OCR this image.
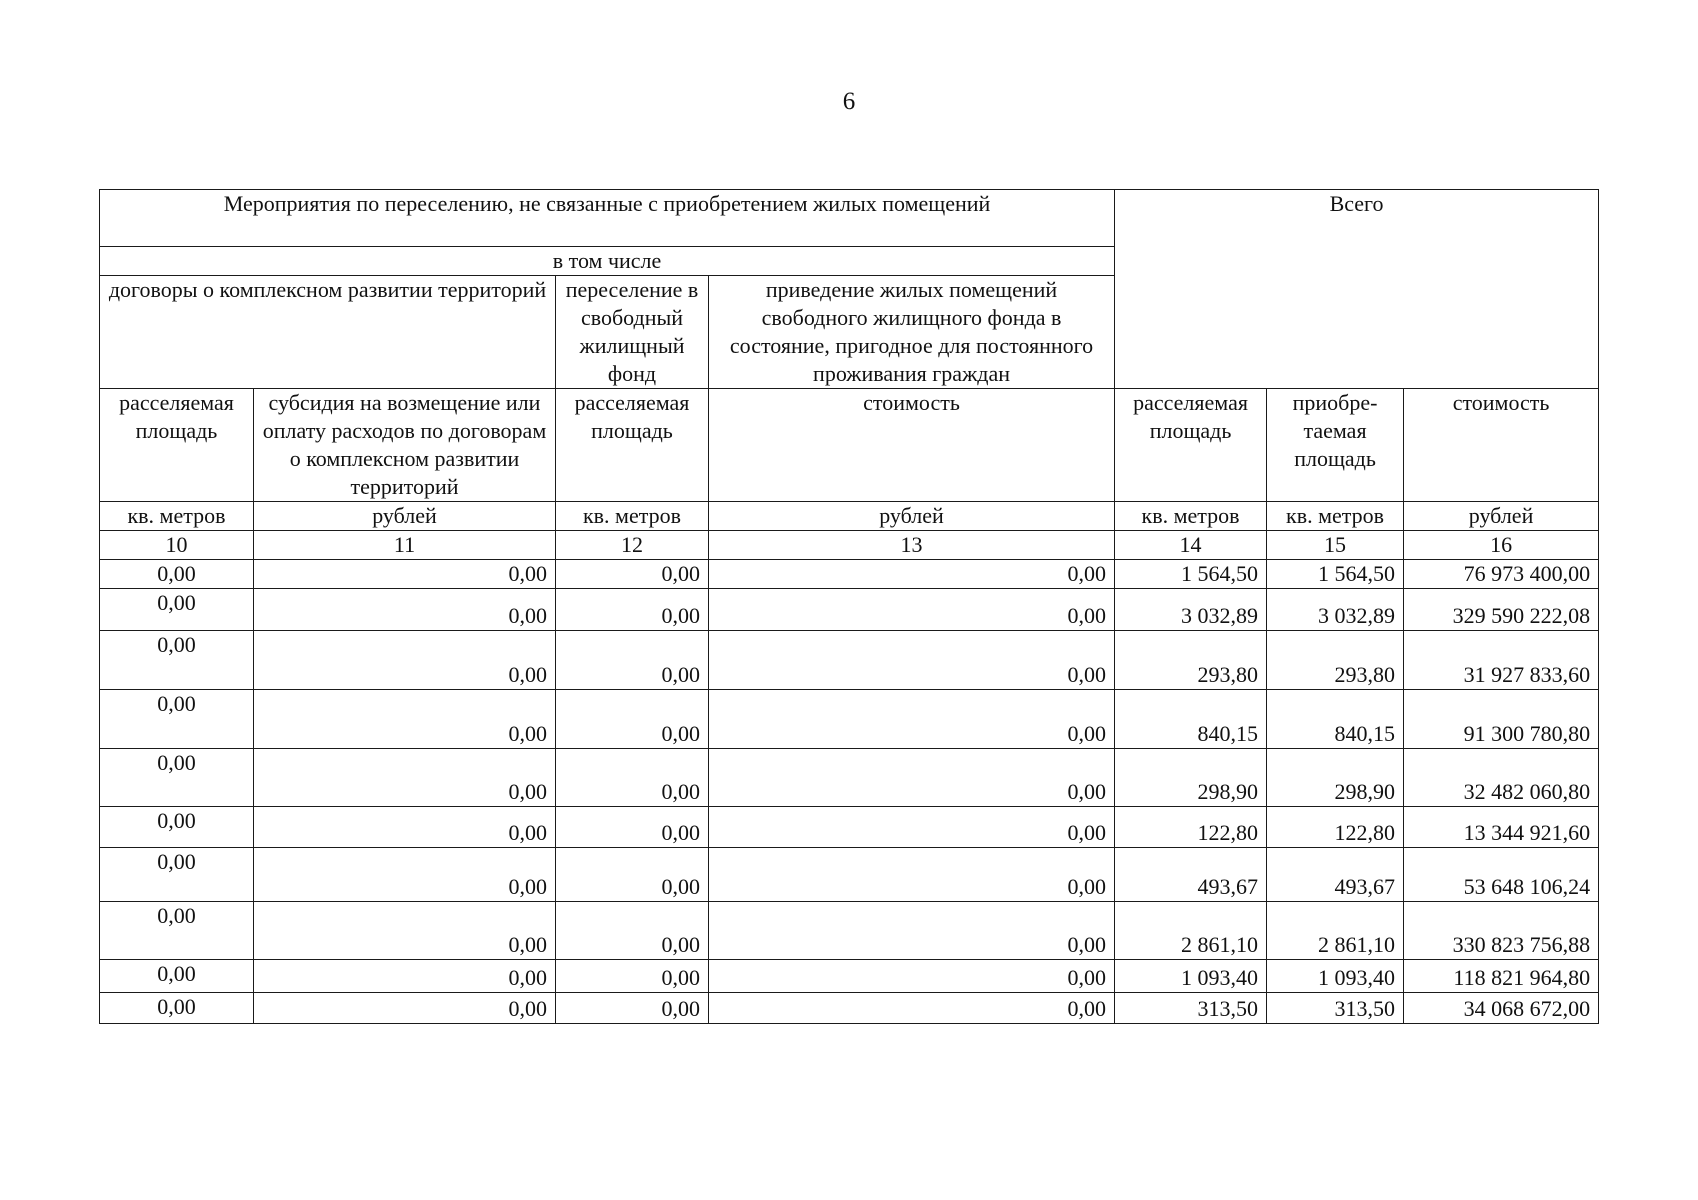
6
Мероприятия по переселению, не связанные с приобретением жилых помещений				Всего		
в том числе						
договоры о комплексном развитии территорий		переселение в свободный жилищный фонд	приведение жилых помещений свободного жилищного фонда в состояние, пригодное для постоянного проживания граждан			

расселяемая площадь	субсидия на возмещение или оплату расходов по договорам о комплексном развитии территорий	расселяемая площадь	стоимость	расселяемая площадь	приобре-таемая площадь	стоимость
кв. метров	рублей	кв. метров	рублей	кв. метров	кв. метров	рублей
10	11	12	13	14	15	16
0,00	0,00	0,00	0,00	1 564,50	1 564,50	76 973 400,00
0,00	0,00	0,00	0,00	3 032,89	3 032,89	329 590 222,08
0,00	0,00	0,00	0,00	293,80	293,80	31 927 833,60
0,00	0,00	0,00	0,00	840,15	840,15	91 300 780,80
0,00	0,00	0,00	0,00	298,90	298,90	32 482 060,80
0,00	0,00	0,00	0,00	122,80	122,80	13 344 921,60
0,00	0,00	0,00	0,00	493,67	493,67	53 648 106,24
0,00	0,00	0,00	0,00	2 861,10	2 861,10	330 823 756,88
0,00	0,00	0,00	0,00	1 093,40	1 093,40	118 821 964,80
0,00	0,00	0,00	0,00	313,50	313,50	34 068 672,00
